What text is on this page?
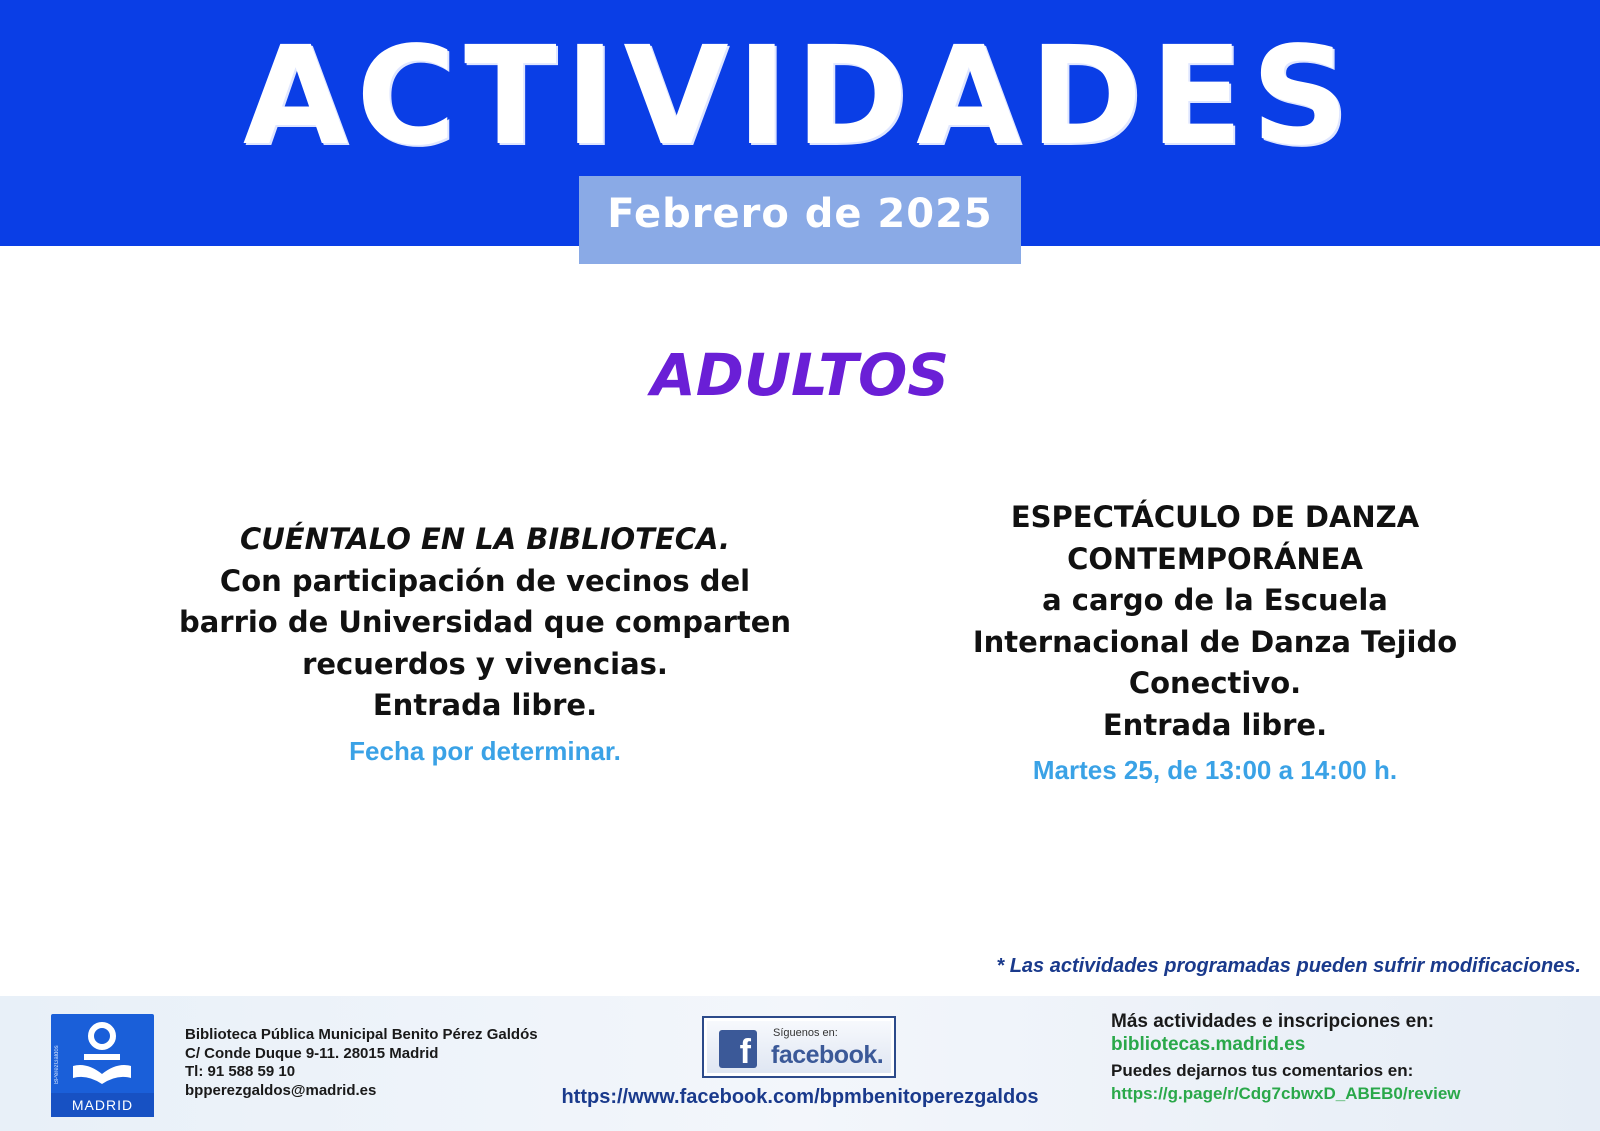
ACTIVIDADES
Febrero de 2025
ADULTOS
CUÉNTALO EN LA BIBLIOTECA.
Con participación de vecinos del
barrio de Universidad que comparten
recuerdos y vivencias.
Entrada libre.
Fecha por determinar.
ESPECTÁCULO DE DANZA
CONTEMPORÁNEA
a cargo de la Escuela
Internacional de Danza Tejido
Conectivo.
Entrada libre.
Martes 25, de 13:00 a 14:00 h.
* Las actividades programadas pueden sufrir modificaciones.
BPérezGaldós
MADRID
Biblioteca Pública Municipal Benito Pérez Galdós
C/ Conde Duque 9-11. 28015 Madrid
Tl: 91 588 59 10
bpperezgaldos@madrid.es
f	Síguenos en:
facebook.
https://www.facebook.com/bpmbenitoperezgaldos
Más actividades e inscripciones en:
bibliotecas.madrid.es
Puedes dejarnos tus comentarios en:
https://g.page/r/Cdg7cbwxD_ABEB0/review
